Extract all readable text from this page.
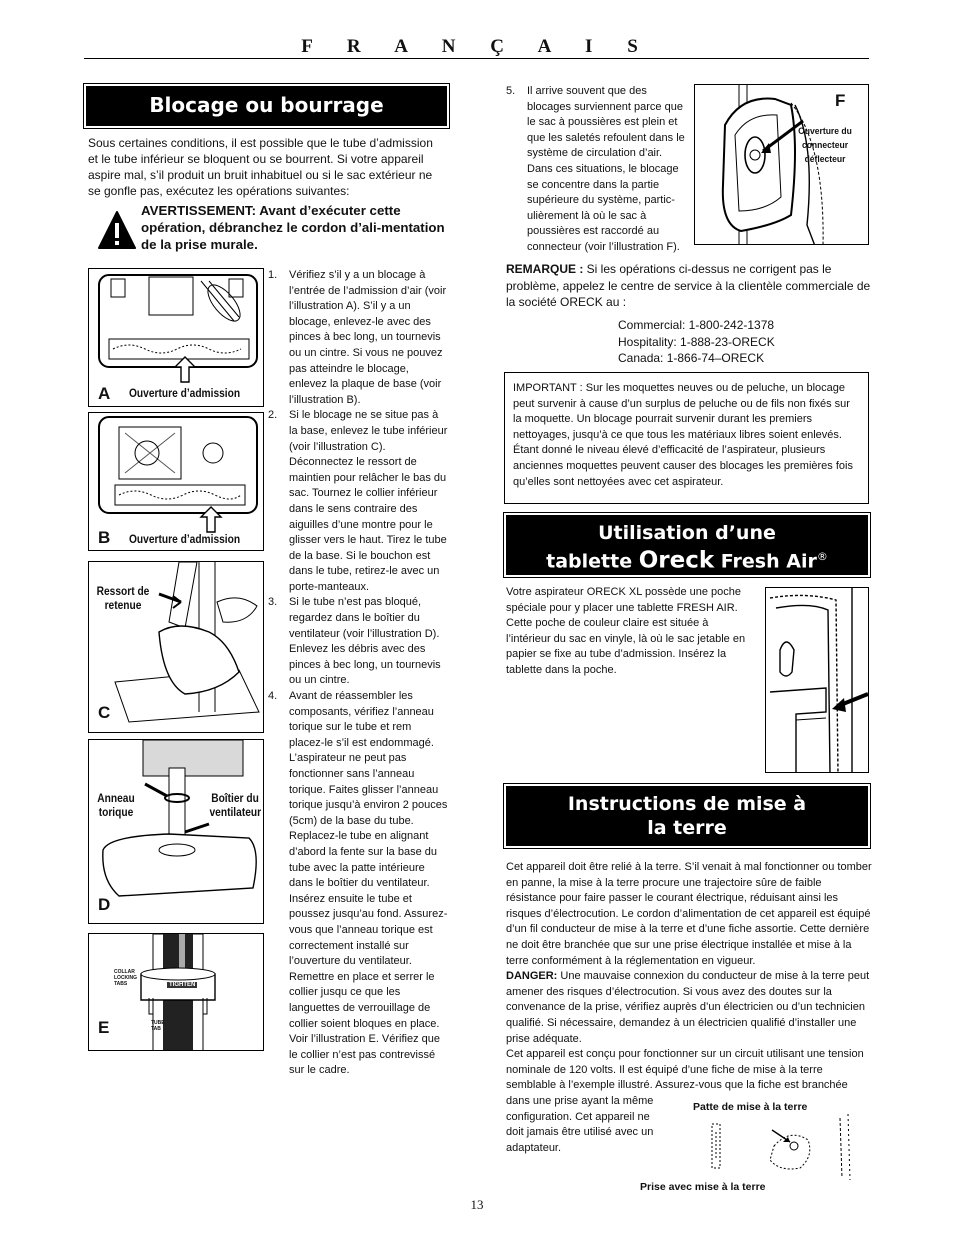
F R A N Ç A I S
Blocage ou bourrage
Sous certaines conditions, il est possible que le tube d’admission et le tube inférieur se bloquent ou se bourrent. Si votre appareil aspire mal, s’il produit un bruit inhabituel ou si le sac extérieur ne se gonfle pas, exécutez les opérations suivantes:
AVERTISSEMENT: Avant d’exécuter cette opération, débranchez le cordon d’ali-mentation de la prise murale.
A Ouverture d’admission
B Ouverture d’admission
Ressort de retenue
C
Anneau torique
Boîtier du ventilateur
D
COLLAR LOCKING TABS	TIGHTEN
TUBE TAB
E
1. Vérifiez s’il y a un blocage à l’entrée de l’admission d’air (voir l’illustration A). S’il y a un blocage, enlevez-le avec des pinces à bec long, un tournevis ou un cintre. Si vous ne pouvez pas atteindre le blocage, enlevez la plaque de base (voir l’illustration B).
2. Si le blocage ne se situe pas à la base, enlevez le tube inférieur (voir l’illustration C). Déconnectez le ressort de maintien pour relâcher le bas du sac. Tournez le collier inférieur dans le sens contraire des aiguilles d’une montre pour le glisser vers le haut. Tirez le tube de la base. Si le bouchon est dans le tube, retirez-le avec un porte-manteaux.
3. Si le tube n’est pas bloqué, regardez dans le boîtier du ventilateur (voir l’illustration D). Enlevez les débris avec des pinces à bec long, un tournevis ou un cintre.
4. Avant de réassembler les composants, vérifiez l’anneau torique sur le tube et rem placez-le s’il est endommagé. L’aspirateur ne peut pas fonctionner sans l’anneau torique. Faites glisser l’anneau torique jusqu’à environ 2 pouces (5cm) de la base du tube. Replacez-le tube en alignant d’abord la fente sur la base du tube avec la patte intérieure dans le boîtier du ventilateur. Insérez ensuite le tube et poussez jusqu’au fond. Assurez-vous que l’anneau torique est correctement installé sur l’ouverture du ventilateur. Remettre en place et serrer le collier jusqu ce que les languettes de verrouillage de collier soient bloques en place. Voir l’illustration E. Vérifiez que le collier n’est pas contrevissé sur le cadre.
5. Il arrive souvent que des blocages surviennent parce que le sac à poussières est plein et que les saletés refoulent dans le système de circulation d’air. Dans ces situations, le blocage se concentre dans la partie supérieure du système, partic-ulièrement là où le sac à poussières est raccordé au connecteur (voir l’illustration F).
F
Ouverture du connecteur déflecteur
REMARQUE : Si les opérations ci-dessus ne corrigent pas le problème, appelez le centre de service à la clientèle commerciale de la société ORECK au :
Commercial: 1-800-242-1378
Hospitality: 1-888-23-ORECK
Canada: 1-866-74–ORECK
IMPORTANT : Sur les moquettes neuves ou de peluche, un blocage peut survenir à cause d’un surplus de peluche ou de fils non fixés sur la moquette. Un blocage pourrait survenir durant les premiers nettoyages, jusqu’à ce que tous les matériaux libres soient enlevés. Étant donné le niveau élevé d’efficacité de l’aspirateur, plusieurs anciennes moquettes peuvent causer des blocages les premières fois qu’elles sont nettoyées avec cet aspirateur.
Utilisation d’une
tablette Oreck Fresh Air®
Votre aspirateur ORECK XL possède une poche spéciale pour y placer une tablette FRESH AIR. Cette poche de couleur claire est située à l’intérieur du sac en vinyle, là où le sac jetable en papier se fixe au tube d’admission. Insérez la tablette dans la poche.
Instructions de mise à
la terre
Cet appareil doit être relié à la terre. S’il venait à mal fonctionner ou tomber en panne, la mise à la terre procure une trajectoire sûre de faible résistance pour faire passer le courant électrique, réduisant ainsi les risques d’électrocution. Le cordon d’alimentation de cet appareil est équipé d’un fil conducteur de mise à la terre et d’une fiche assortie. Cette dernière ne doit être branchée que sur une prise électrique installée et mise à la terre conformément à la réglementation en vigueur.
DANGER: Une mauvaise connexion du conducteur de mise à la terre peut amener des risques d’électrocution. Si vous avez des doutes sur la convenance de la prise, vérifiez auprès d’un électricien ou d’un technicien qualifié. Si nécessaire, demandez à un électricien qualifié d’installer une prise adéquate.
Cet appareil est conçu pour fonctionner sur un circuit utilisant une tension nominale de 120 volts. Il est équipé d’une fiche de mise à la terre semblable à l’exemple illustré. Assurez-vous que la fiche est branchée
dans une prise ayant la même configuration. Cet appareil ne doit jamais être utilisé avec un adaptateur.
Patte de mise à la terre
Prise avec mise à la terre
13
